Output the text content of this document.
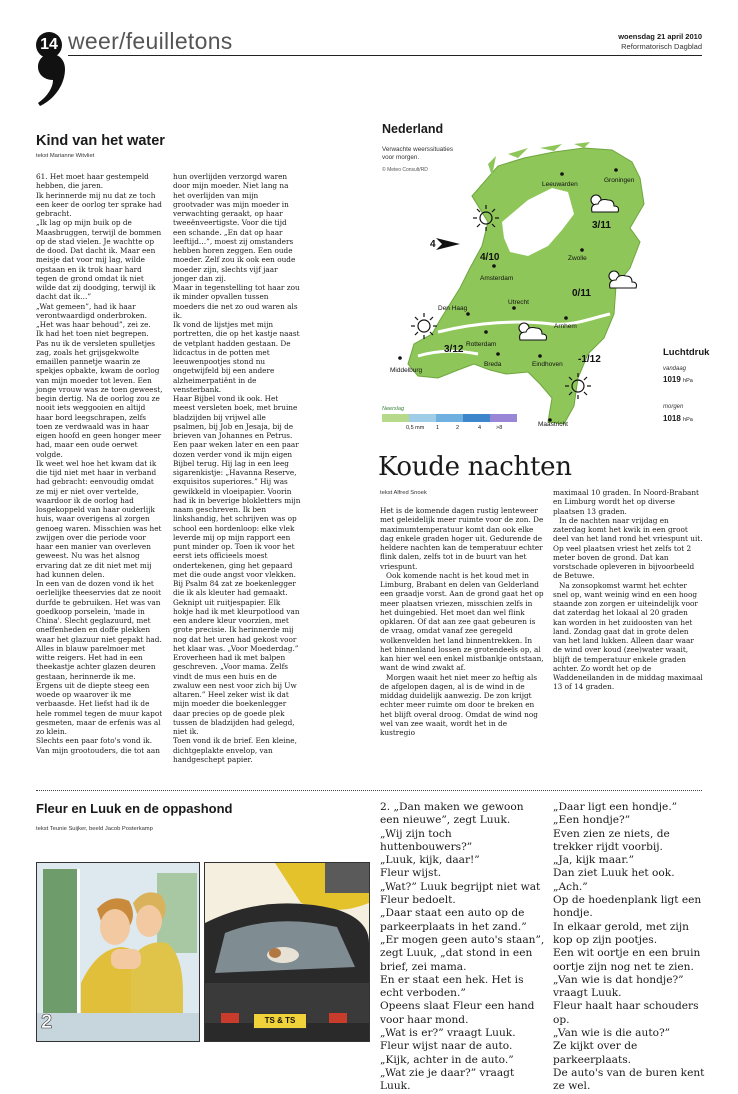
14 weer/feuilletons	woensdag 21 april 2010
Reformatorisch Dagblad
Kind van het water
tekst Marianne Witvliet

61. Het moet haar gestempeld hebben, die jaren.

Ik herinnerde mij nu dat ze toch een keer de oorlog ter sprake had gebracht.

„Ik lag op mijn buik op de Maasbruggen, terwijl de bommen op de stad vielen. Je wachtte op de dood. Dat dacht ik. Maar een meisje dat voor mij lag, wilde opstaan en ik trok haar hard tegen de grond omdat ik niet wilde dat zij doodging, terwijl ik dacht dat ik…”

„Wat gemeen”, had ik haar verontwaardigd onderbroken.

„Het was haar behoud”, zei ze.

Ik had het toen niet begrepen.

Pas nu ik de versleten spulletjes zag, zoals het grijsgekwolte emaillen pannetje waarin ze spekjes opbakte, kwam de oorlog van mijn moeder tot leven. Een jonge vrouw was ze toen geweest, begin dertig. Na de oorlog zou ze nooit iets weggooien en altijd haar bord leegschrapen, zelfs toen ze verdwaald was in haar eigen hoofd en geen honger meer had, maar een oude oerwet volgde.

Ik weet wel hoe het kwam dat ik die tijd niet met haar in verband had gebracht: eenvoudig omdat ze mij er niet over vertelde, waardoor ik de oorlog had losgekoppeld van haar ouderlijk huis, waar overigens al zorgen genoeg waren. Misschien was het zwijgen over die periode voor haar een manier van overleven geweest. Nu was het alsnog ervaring dat ze dit niet met mij had kunnen delen.

In een van de dozen vond ik het oerlelijke theeservies dat ze nooit durfde te gebruiken. Het was van goedkoop porselein, 'made in China'. Slecht geglazuurd, met oneffenheden en doffe plekken waar het glazuur niet gepakt had. Alles in blauw parelmoer met witte reigers. Het had in een theekastje achter glazen deuren gestaan, herinnerde ik me.

Ergens uit de diepte steeg een woede op waarover ik me verbaasde. Het liefst had ik de hele rommel tegen de muur kapot gesmeten, maar de erfenis was al zo klein.

Slechts een paar foto's vond ik. Van mijn grootouders, die tot aan

hun overlijden verzorgd waren door mijn moeder. Niet lang na het overlijden van mijn grootvader was mijn moeder in verwachting geraakt, op haar tweeënveertigste. Voor die tijd een schande. „En dat op haar leeftijd…”, moest zij omstanders hebben horen zeggen. Een oude moeder. Zelf zou ik ook een oude moeder zijn, slechts vijf jaar jonger dan zij.

Maar in tegenstelling tot haar zou ik minder opvallen tussen moeders die net zo oud waren als ik.

Ik vond de lijstjes met mijn portretten, die op het kastje naast de vetplant hadden gestaan. De lidcactus in de potten met leeuwenpootjes stond nu ongetwijfeld bij een andere alzheimerpatiënt in de vensterbank.

Haar Bijbel vond ik ook. Het meest versleten boek, met bruine bladzijden bij vrijwel alle psalmen, bij Job en Jesaja, bij de brieven van Johannes en Petrus.

Een paar weken later en een paar dozen verder vond ik mijn eigen Bijbel terug. Hij lag in een leeg sigarenkistje: „Havanna Reserve, exquisitos superiores.” Hij was gewikkeld in vloeipapier. Voorin had ik in beverige blokletters mijn naam geschreven. Ik ben linkshandig, het schrijven was op school een hordenloop: elke vlek leverde mij op mijn rapport een punt minder op. Toen ik voor het eerst iets officieels moest ondertekenen, ging het gepaard met die oude angst voor vlekken.

Bij Psalm 84 zat ze boekenlegger die ik als kleuter had gemaakt. Geknipt uit ruitjespapier. Elk hokje had ik met kleurpotlood van een andere kleur voorzien, met grote precisie. Ik herinnerde mij nog dat het uren had gekost voor het klaar was. „Voor Moederdag.” Eroverheen had ik met balpen geschreven. „Voor mama. Zelfs vindt de mus een huis en de zwaluw een nest voor zich bij Uw altaren.” Heel zeker wist ik dat mijn moeder die boekenlegger daar precies op de goede plek tussen de bladzijden had gelegd, niet ik.

Toen vond ik de brief. Een kleine, dichtgeplakte envelop, van handgeschept papier.

4
Leeuwarden
Groningen
Zwolle
Amsterdam
Den Haag
Rotterdam
Utrecht
Arnhem
Middelburg
Breda	Eindhoven
Maastricht
3/11
4/10
0/11
3/12
-1/12
Nederland
Verwachte weerssituaties voor morgen.
© Meteo Consult/RD
Neerslag
0,5 mm 1	2	4	>8
Luchtdruk
vandaag
1019 hPa
morgen
1018 hPa
Koude nachten
tekst Alfred Snoek

Het is de komende dagen rustig lenteweer met geleidelijk meer ruimte voor de zon. De maximumtemperatuur komt dan ook elke dag enkele graden hoger uit. Gedurende de heldere nachten kan de temperatuur echter flink dalen, zelfs tot in de buurt van het vriespunt.

Ook komende nacht is het koud met in Limburg, Brabant en delen van Gelderland een graadje vorst. Aan de grond gaat het op meer plaatsen vriezen, misschien zelfs in het duingebied. Het moet dan wel flink opklaren. Of dat aan zee gaat gebeuren is de vraag, omdat vanaf zee geregeld wolkenvelden het land binnentrekken. In het binnenland lossen ze grotendeels op, al kan hier wel een enkel mistbankje ontstaan, want de wind zwakt af.

Morgen waait het niet meer zo heftig als de afgelopen dagen, al is de wind in de middag duidelijk aanwezig. De zon krijgt echter meer ruimte om door te breken en het blijft overal droog. Omdat de wind nog wel van zee waait, wordt het in de kustregio

maximaal 10 graden. In Noord-Brabant en Limburg wordt het op diverse plaatsen 13 graden.

In de nachten naar vrijdag en zaterdag komt het kwik in een groot deel van het land rond het vriespunt uit. Op veel plaatsen vriest het zelfs tot 2 meter boven de grond. Dat kan vorstschade opleveren in bijvoorbeeld de Betuwe.

Na zonsopkomst warmt het echter snel op, want weinig wind en een hoog staande zon zorgen er uiteindelijk voor dat zaterdag het lokaal al 20 graden kan worden in het zuidoosten van het land. Zondag gaat dat in grote delen van het land lukken. Alleen daar waar de wind over koud (zee)water waait, blijft de temperatuur enkele graden achter. Zo wordt het op de Waddeneilanden in de middag maximaal 13 of 14 graden.

Fleur en Luuk en de oppashond
tekst Teunie Suijker, beeld Jacob Posterkamp
2	TS & TS

2. „Dan maken we gewoon een nieuwe”, zegt Luuk.

„Wij zijn toch huttenbouwers?”

„Luuk, kijk, daar!”

Fleur wijst.

„Wat?” Luuk begrijpt niet wat Fleur bedoelt.

„Daar staat een auto op de parkeerplaats in het zand.”

„Er mogen geen auto's staan”, zegt Luuk, „dat stond in een brief, zei mama.

En er staat een hek. Het is echt verboden.”

Opeens slaat Fleur een hand voor haar mond.

„Wat is er?” vraagt Luuk.

Fleur wijst naar de auto.

„Kijk, achter in de auto.”

„Wat zie je daar?” vraagt Luuk.

„Daar ligt een hondje.”

„Een hondje?”

Even zien ze niets, de trekker rijdt voorbij.

„Ja, kijk maar.”

Dan ziet Luuk het ook.

„Ach.”

Op de hoedenplank ligt een hondje.

In elkaar gerold, met zijn kop op zijn pootjes.

Een wit oortje en een bruin oortje zijn nog net te zien.

„Van wie is dat hondje?” vraagt Luuk.

Fleur haalt haar schouders op.

„Van wie is die auto?”

Ze kijkt over de parkeerplaats.

De auto's van de buren kent ze wel.
